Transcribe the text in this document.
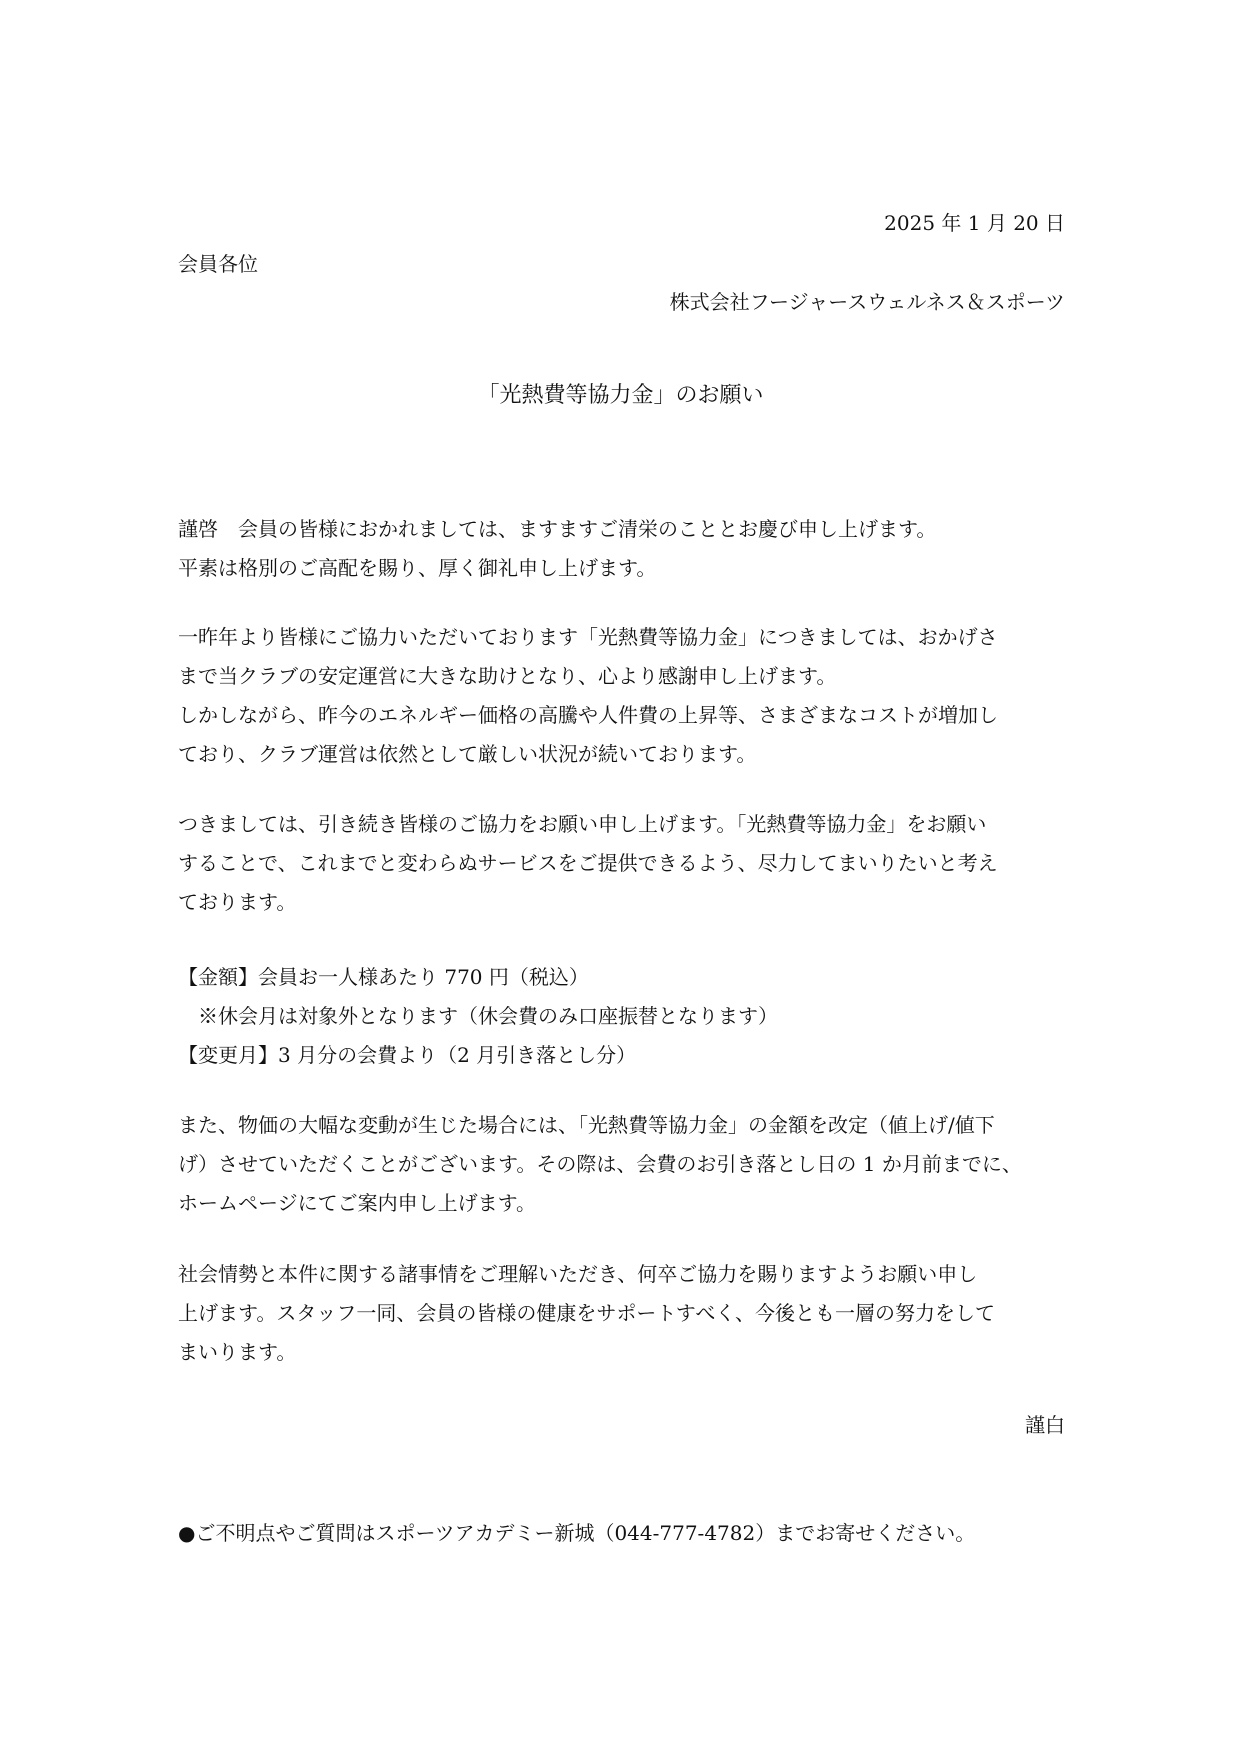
2025 年 1 月 20 日
会員各位
株式会社フージャースウェルネス＆スポーツ
「光熱費等協力金」のお願い

謹啓　会員の皆様におかれましては、ますますご清栄のこととお慶び申し上げます。

平素は格別のご高配を賜り、厚く御礼申し上げます。

一昨年より皆様にご協力いただいております「光熱費等協力金」につきましては、おかげさ

まで当クラブの安定運営に大きな助けとなり、心より感謝申し上げます。

しかしながら、昨今のエネルギー価格の高騰や人件費の上昇等、さまざまなコストが増加し

ており、クラブ運営は依然として厳しい状況が続いております。

つきましては、引き続き皆様のご協力をお願い申し上げます。「光熱費等協力金」をお願い

することで、これまでと変わらぬサービスをご提供できるよう、尽力してまいりたいと考え

ております。

【金額】会員お一人様あたり 770 円（税込）

※休会月は対象外となります（休会費のみ口座振替となります）

【変更月】3 月分の会費より（2 月引き落とし分）

また、物価の大幅な変動が生じた場合には、「光熱費等協力金」の金額を改定（値上げ/値下

げ）させていただくことがございます。その際は、会費のお引き落とし日の 1 か月前までに、

ホームページにてご案内申し上げます。

社会情勢と本件に関する諸事情をご理解いただき、何卒ご協力を賜りますようお願い申し

上げます。スタッフ一同、会員の皆様の健康をサポートすべく、今後とも一層の努力をして

まいります。

謹白
●ご不明点やご質問はスポーツアカデミー新城（044-777-4782）までお寄せください。
